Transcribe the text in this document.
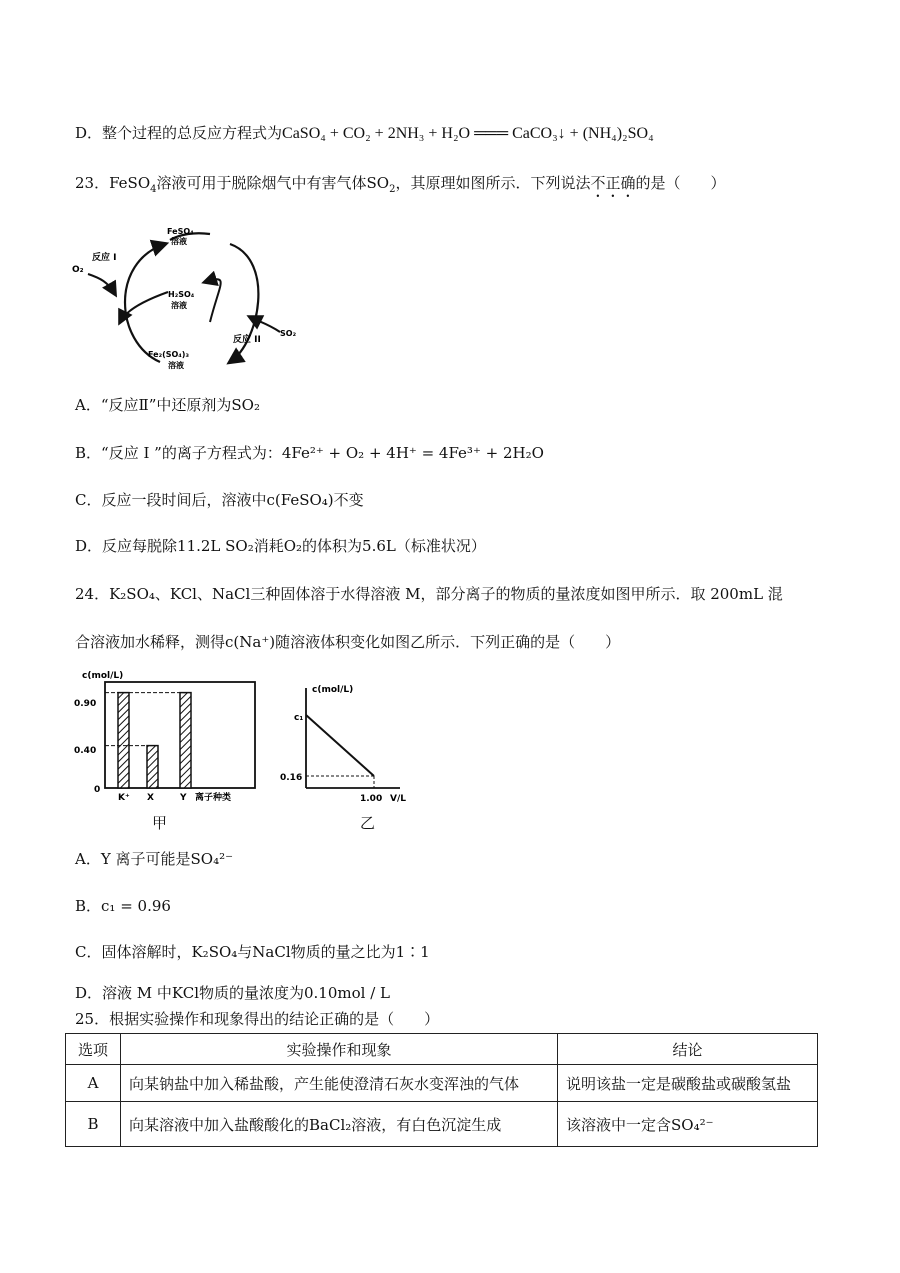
D．整个过程的总反应方程式为CaSO₄ + CO₂ + 2NH₃ + H₂O ═══ CaCO₃↓ + (NH₄)₂SO₄
23．FeSO$_4$溶液可用于脱除烟气中有害气体$SO_2$，其原理如图所示．下列说法不正确的是（　　）
FeSO₄
溶液
H₂SO₄
溶液
Fe₂(SO₄)₃
溶液
反应 I
反应 II
O₂
SO₂
A．“反应Ⅱ”中还原剂为SO₂
B．“反应 I ”的离子方程式为：4Fe²⁺ + O₂ + 4H⁺ = 4Fe³⁺ + 2H₂O
C．反应一段时间后，溶液中c(FeSO₄)不变
D．反应每脱除11.2L SO₂消耗O₂的体积为5.6L（标准状况）
24．K₂SO₄、KCl、NaCl三种固体溶于水得溶液 M，部分离子的物质的量浓度如图甲所示．取 200mL 混
合溶液加水稀释，测得c(Na⁺)随溶液体积变化如图乙所示．下列正确的是（　　）
c(mol/L)
0.90
0.40
0
K⁺ X	Y 离子种类
甲
c(mol/L)
c₁
0.16
1.00 V/L
乙
A．Y 离子可能是SO₄²⁻
B．c₁ = 0.96
C．固体溶解时，K₂SO₄与NaCl物质的量之比为1∶1
D．溶液 M 中KCl物质的量浓度为0.10mol / L
25．根据实验操作和现象得出的结论正确的是（　　）
选项	实验操作和现象	结论
A	向某钠盐中加入稀盐酸，产生能使澄清石灰水变浑浊的气体	说明该盐一定是碳酸盐或碳酸氢盐
B	向某溶液中加入盐酸酸化的BaCl₂溶液，有白色沉淀生成	该溶液中一定含SO₄²⁻
